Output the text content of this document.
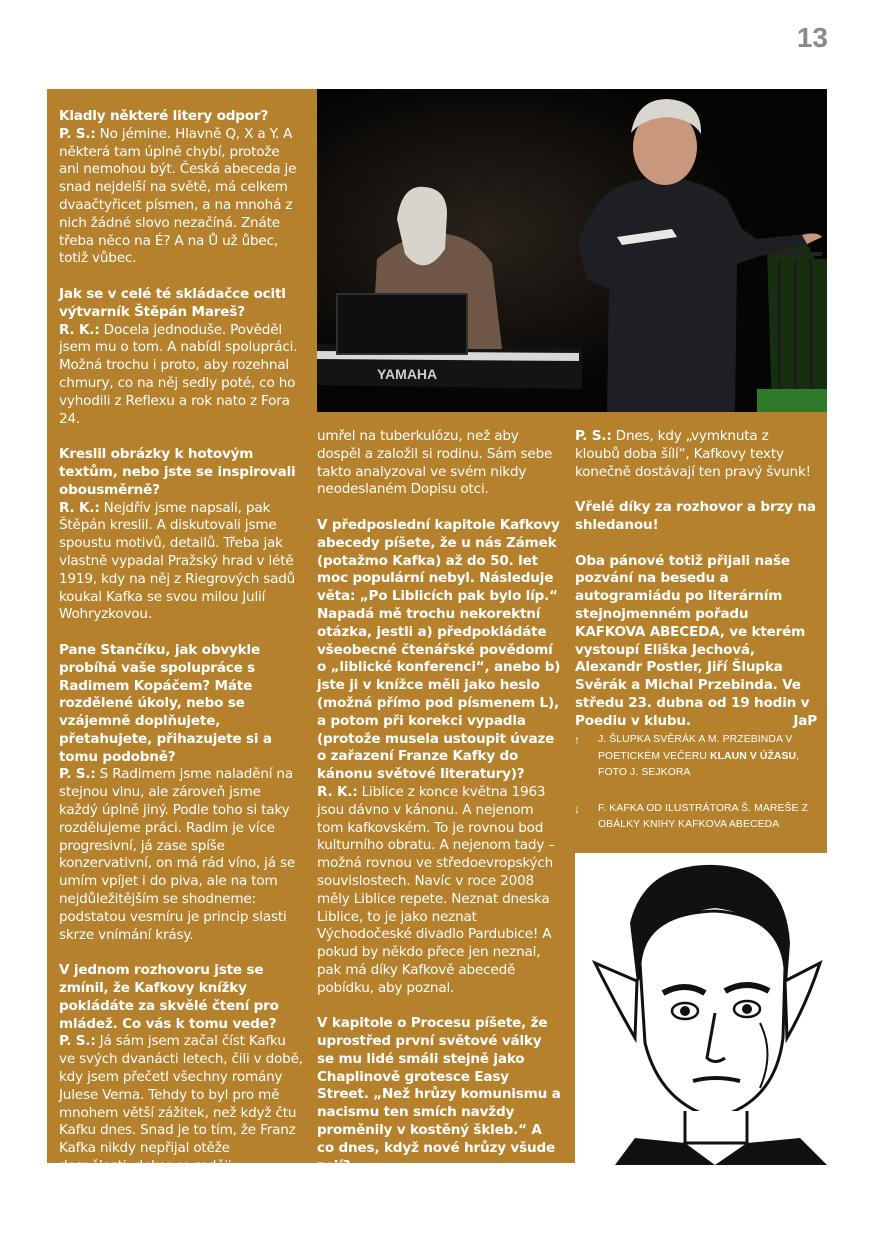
13

Kladly některé litery odpor?
P. S.: No jémine. Hlavně Q, X a Y. A některá tam úplně chybí, protože ani nemohou být. Česká abeceda je snad nejdelší na světě, má celkem dvaačtyřicet písmen, a na mnohá z nich žádné slovo nezačíná. Znáte třeba něco na É? A na Ů už ůbec, totiž vůbec.

Jak se v celé té skládačce ocitl výtvarník Štěpán Mareš?
R. K.: Docela jednoduše. Pověděl jsem mu o tom. A nabídl spolupráci. Možná trochu i proto, aby rozehnal chmury, co na něj sedly poté, co ho vyhodili z Reflexu a rok nato z Fora 24.

Kreslil obrázky k hotovým textům, nebo jste se inspirovali obousměrně?
R. K.: Nejdřív jsme napsali, pak Štěpán kreslil. A diskutovali jsme spoustu motivů, detailů. Třeba jak vlastně vypadal Pražský hrad v létě 1919, kdy na něj z Riegrových sadů koukal Kafka se svou milou Julií Wohryzkovou.

Pane Stančíku, jak obvykle probíhá vaše spolupráce s Radimem Kopáčem? Máte rozdělené úkoly, nebo se vzájemně doplňujete, přetahujete, přihazujete si a tomu podobně?
P. S.: S Radimem jsme naladění na stejnou vlnu, ale zároveň jsme každý úplně jiný. Podle toho si taky rozdělujeme práci. Radim je více progresivní, já zase spíše konzervativní, on má rád víno, já se umím vpíjet i do piva, ale na tom nejdůležitějším se shodneme: podstatou vesmíru je princip slasti skrze vnímání krásy.

V jednom rozhovoru jste se zmínil, že Kafkovy knížky pokládáte za skvělé čtení pro mládež. Co vás k tomu vede?
P. S.: Já sám jsem začal číst Kafku ve svých dvanácti letech, čili v době, kdy jsem přečetl všechny romány Julese Verna. Tehdy to byl pro mě mnohem větší zážitek, než když čtu Kafku dnes. Snad je to tím, že Franz Kafka nikdy nepřijal otěže dospělosti, dokonce raději

umřel na tuberkulózu, než aby dospěl a založil si rodinu. Sám sebe takto analyzoval ve svém nikdy neodeslaném Dopisu otci.

V předposlední kapitole Kafkovy abecedy píšete, že u nás Zámek (potažmo Kafka) až do 50. let moc populární nebyl. Následuje věta: „Po Liblicích pak bylo líp.“ Napadá mě trochu nekorektní otázka, jestli a) předpokládáte všeobecné čtenářské povědomí o „liblické konferenci“, anebo b) jste ji v knížce měli jako heslo (možná přímo pod písmenem L), a potom při korekci vypadla (protože musela ustoupit úvaze o zařazení Franze Kafky do kánonu světové literatury)?
R. K.: Liblice z konce května 1963 jsou dávno v kánonu. A nejenom tom kafkovském. To je rovnou bod kulturního obratu. A nejenom tady – možná rovnou ve středoevropských souvislostech. Navíc v roce 2008 měly Liblice repete. Neznat dneska Liblice, to je jako neznat Východočeské divadlo Pardubice! A pokud by někdo přece jen neznal, pak má díky Kafkově abecedě pobídku, aby poznal.

V kapitole o Procesu píšete, že uprostřed první světové války se mu lidé smáli stejně jako Chaplinově grotesce Easy Street. „Než hrůzy komunismu a nacismu ten smích navždy proměnily v kostěný škleb.“ A co dnes, když nové hrůzy všude zejí?

P. S.: Dnes, kdy „vymknuta z kloubů doba šílí“, Kafkovy texty konečně dostávají ten pravý švunk!

Vřelé díky za rozhovor a brzy na shledanou!

Oba pánové totiž přijali naše pozvání na besedu a autogramiádu po literárním stejnojmenném pořadu KAFKOVA ABECEDA, ve kterém vystoupí Eliška Jechová, Alexandr Postler, Jiří Šlupka Svěrák a Michal Przebinda. Ve středu 23. dubna od 19 hodin v Poediu v klubu.	JaP

YAMAHA
↑	J. ŠLUPKA SVĚRÁK A M. PRZEBINDA V POETICKÉM VEČERU KLAUN V ÚŽASU, FOTO J. SEJKORA
↓	F. KAFKA OD ILUSTRÁTORA Š. MAREŠE Z OBÁLKY KNIHY KAFKOVA ABECEDA
